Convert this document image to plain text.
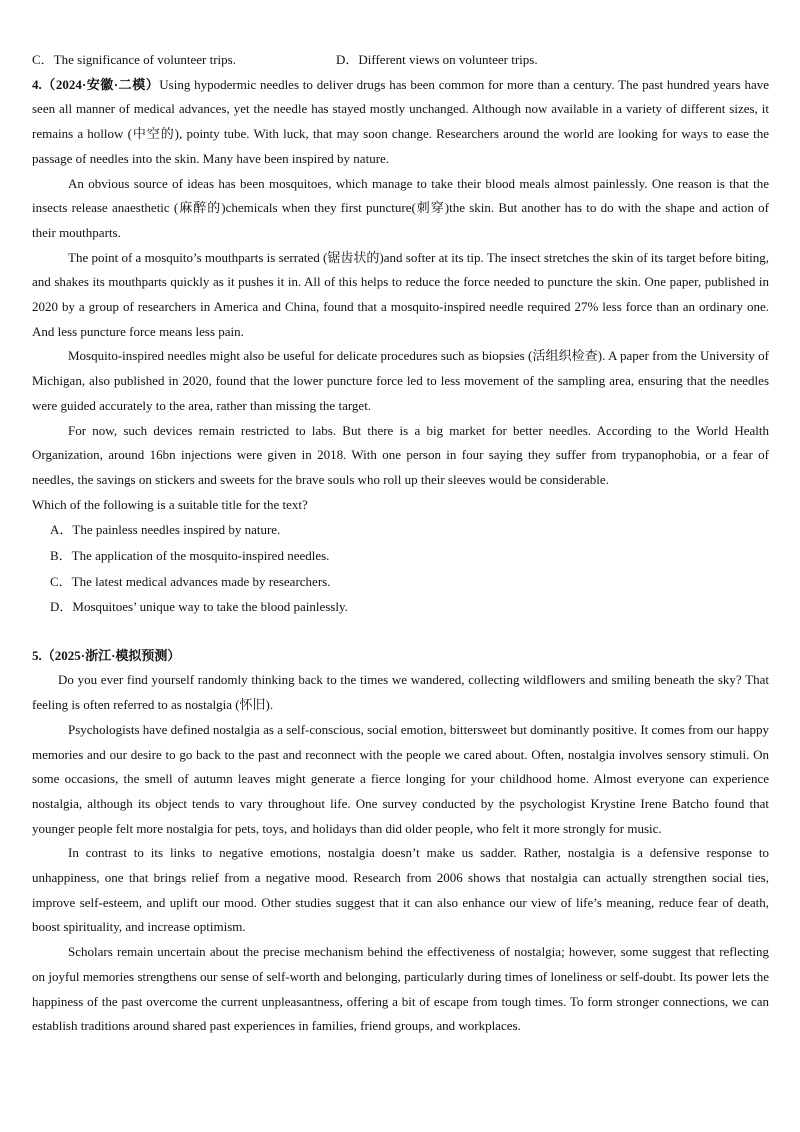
C．The significance of volunteer trips.	D．Different views on volunteer trips.

4.（2024·安徽·二模）Using hypodermic needles to deliver drugs has been common for more than a century. The past hundred years have seen all manner of medical advances, yet the needle has stayed mostly unchanged. Although now available in a variety of different sizes, it remains a hollow (中空的), pointy tube. With luck, that may soon change. Researchers around the world are looking for ways to ease the passage of needles into the skin. Many have been inspired by nature.

An obvious source of ideas has been mosquitoes, which manage to take their blood meals almost painlessly. One reason is that the insects release anaesthetic (麻醉的)chemicals when they first puncture(刺穿)the skin. But another has to do with the shape and action of their mouthparts.

The point of a mosquito’s mouthparts is serrated (锯齿状的)and softer at its tip. The insect stretches the skin of its target before biting, and shakes its mouthparts quickly as it pushes it in. All of this helps to reduce the force needed to puncture the skin. One paper, published in 2020 by a group of researchers in America and China, found that a mosquito-inspired needle required 27% less force than an ordinary one. And less puncture force means less pain.

Mosquito-inspired needles might also be useful for delicate procedures such as biopsies (活组织检查). A paper from the University of Michigan, also published in 2020, found that the lower puncture force led to less movement of the sampling area, ensuring that the needles were guided accurately to the area, rather than missing the target.

For now, such devices remain restricted to labs. But there is a big market for better needles. According to the World Health Organization, around 16bn injections were given in 2018. With one person in four saying they suffer from trypanophobia, or a fear of needles, the savings on stickers and sweets for the brave souls who roll up their sleeves would be considerable.

Which of the following is a suitable title for the text?

A．The painless needles inspired by nature.

B．The application of the mosquito-inspired needles.

C．The latest medical advances made by researchers.

D．Mosquitoes’ unique way to take the blood painlessly.

5.（2025·浙江·模拟预测）

Do you ever find yourself randomly thinking back to the times we wandered, collecting wildflowers and smiling beneath the sky? That feeling is often referred to as nostalgia (怀旧).

Psychologists have defined nostalgia as a self-conscious, social emotion, bittersweet but dominantly positive. It comes from our happy memories and our desire to go back to the past and reconnect with the people we cared about. Often, nostalgia involves sensory stimuli. On some occasions, the smell of autumn leaves might generate a fierce longing for your childhood home. Almost everyone can experience nostalgia, although its object tends to vary throughout life. One survey conducted by the psychologist Krystine Irene Batcho found that younger people felt more nostalgia for pets, toys, and holidays than did older people, who felt it more strongly for music.

In contrast to its links to negative emotions, nostalgia doesn’t make us sadder. Rather, nostalgia is a defensive response to unhappiness, one that brings relief from a negative mood. Research from 2006 shows that nostalgia can actually strengthen social ties, improve self-esteem, and uplift our mood. Other studies suggest that it can also enhance our view of life’s meaning, reduce fear of death, boost spirituality, and increase optimism.

Scholars remain uncertain about the precise mechanism behind the effectiveness of nostalgia; however, some suggest that reflecting on joyful memories strengthens our sense of self-worth and belonging, particularly during times of loneliness or self-doubt. Its power lets the happiness of the past overcome the current unpleasantness, offering a bit of escape from tough times. To form stronger connections, we can establish traditions around shared past experiences in families, friend groups, and workplaces.
